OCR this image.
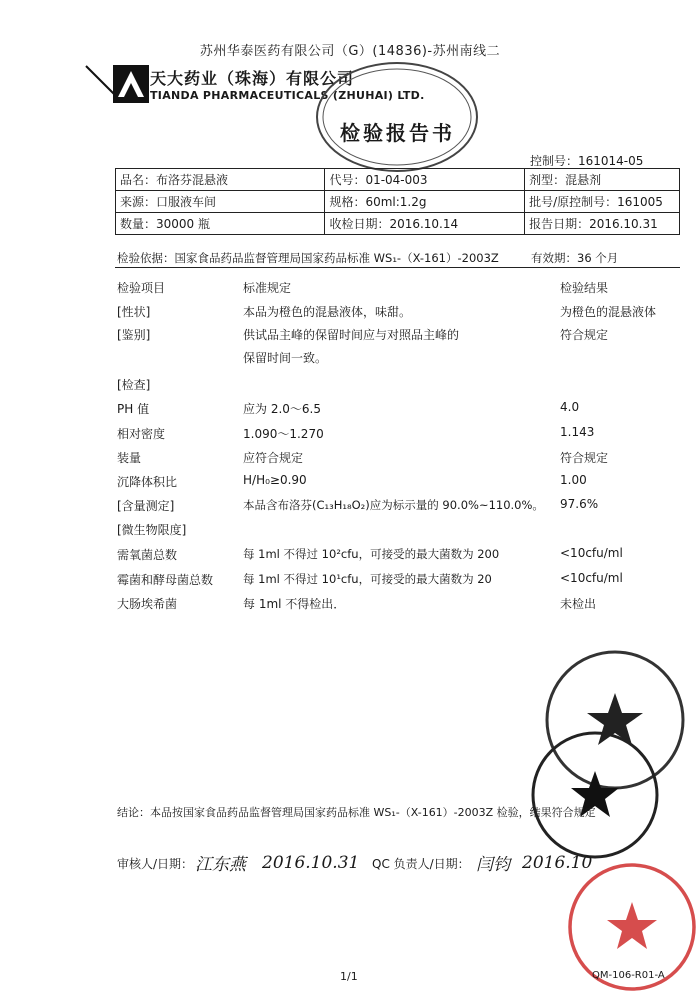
苏州华泰医药有限公司（G）(14836)-苏州南线二
天大药业（珠海）有限公司
TIANDA PHARMACEUTICALS (ZHUHAI) LTD.
检验报告书
控制号：161014-05
品名：布洛芬混悬液	代号：01-04-003	剂型：混悬剂
来源：口服液车间	规格：60ml:1.2g	批号/原控制号：161005
数量：30000 瓶	收检日期：2016.10.14	报告日期：2016.10.31
检验依据：国家食品药品监督管理局国家药品标准 WS₁-（X-161）-2003Z	有效期：36 个月
检验项目	标准规定	检验结果
[性状]	本品为橙色的混悬液体，味甜。	为橙色的混悬液体
[鉴别]	供试品主峰的保留时间应与对照品主峰的	符合规定
保留时间一致。
[检查]
PH 值	应为 2.0～6.5	4.0
相对密度	1.090～1.270	1.143
装量	应符合规定	符合规定
沉降体积比	H/H₀≥0.90	1.00
[含量测定]	本品含布洛芬(C₁₃H₁₈O₂)应为标示量的 90.0%~110.0%。 97.6%
[微生物限度]
需氧菌总数	每 1ml 不得过 10²cfu，可接受的最大菌数为 200	<10cfu/ml
霉菌和酵母菌总数	每 1ml 不得过 10¹cfu，可接受的最大菌数为 20	<10cfu/ml
大肠埃希菌	每 1ml 不得检出．	未检出
结论：本品按国家食品药品监督管理局国家药品标准 WS₁-（X-161）-2003Z 检验，结果符合规定
审核人/日期： 江东燕 2016.10.31 QC 负责人/日期： 闫钧 2016.10
1/1	QM-106-R01-A
